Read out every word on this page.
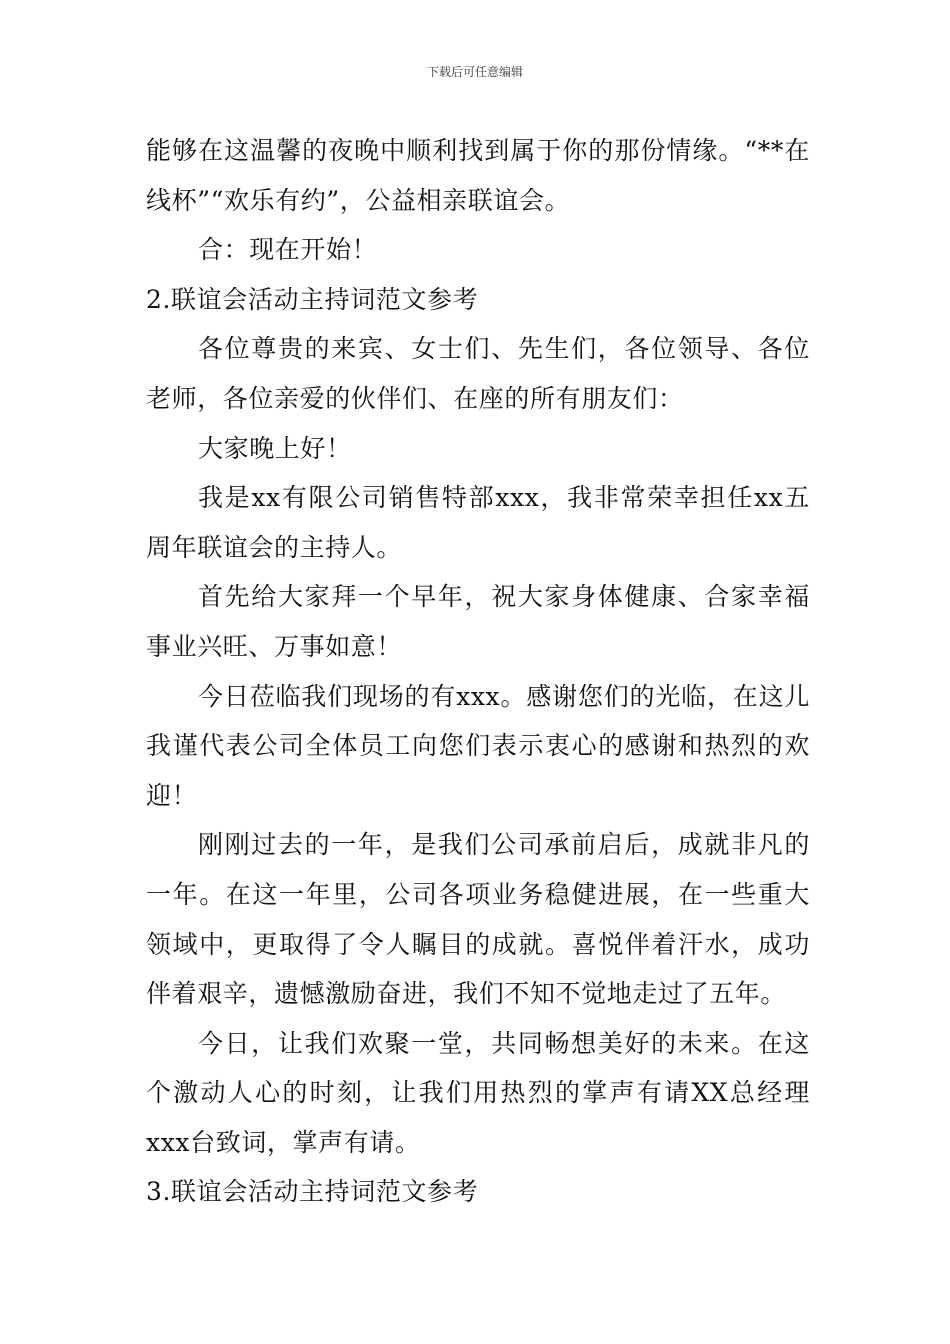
下载后可任意编辑

能够在这温馨的夜晚中顺利找到属于你的那份情缘。“**在线杯”“欢乐有约”，公益相亲联谊会。

合：现在开始！

2.联谊会活动主持词范文参考

各位尊贵的来宾、女士们、先生们，各位领导、各位老师，各位亲爱的伙伴们、在座的所有朋友们：

大家晚上好！

我是xx有限公司销售特部xxx，我非常荣幸担任xx五周年联谊会的主持人。

首先给大家拜一个早年，祝大家身体健康、合家幸福事业兴旺、万事如意！

今日莅临我们现场的有xxx。感谢您们的光临，在这儿我谨代表公司全体员工向您们表示衷心的感谢和热烈的欢迎！

刚刚过去的一年，是我们公司承前启后，成就非凡的一年。在这一年里，公司各项业务稳健进展，在一些重大领域中，更取得了令人瞩目的成就。喜悦伴着汗水，成功伴着艰辛，遗憾激励奋进，我们不知不觉地走过了五年。

今日，让我们欢聚一堂，共同畅想美好的未来。在这个激动人心的时刻，让我们用热烈的掌声有请XX总经理xxx台致词，掌声有请。

3.联谊会活动主持词范文参考
